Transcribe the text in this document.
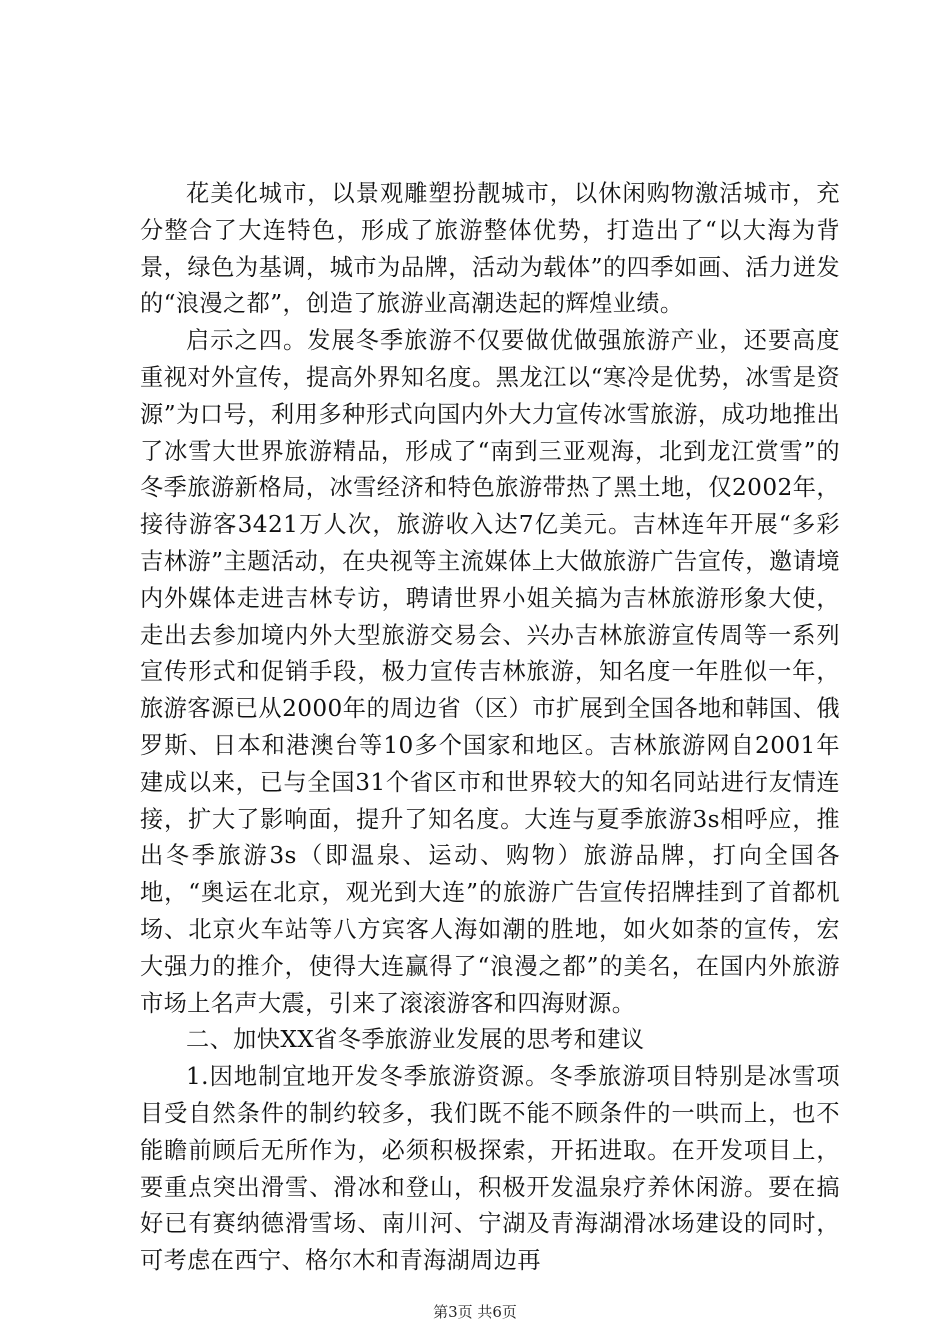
花美化城市，以景观雕塑扮靓城市，以休闲购物激活城市，充分整合了大连特色，形成了旅游整体优势，打造出了“以大海为背景，绿色为基调，城市为品牌，活动为载体”的四季如画、活力迸发的“浪漫之都”，创造了旅游业高潮迭起的辉煌业绩。

启示之四。发展冬季旅游不仅要做优做强旅游产业，还要高度重视对外宣传，提高外界知名度。黑龙江以“寒冷是优势，冰雪是资源”为口号，利用多种形式向国内外大力宣传冰雪旅游，成功地推出了冰雪大世界旅游精品，形成了“南到三亚观海，北到龙江赏雪”的冬季旅游新格局，冰雪经济和特色旅游带热了黑土地，仅2002年，接待游客3421万人次，旅游收入达7亿美元。吉林连年开展“多彩吉林游”主题活动，在央视等主流媒体上大做旅游广告宣传，邀请境内外媒体走进吉林专访，聘请世界小姐关搞为吉林旅游形象大使，走出去参加境内外大型旅游交易会、兴办吉林旅游宣传周等一系列宣传形式和促销手段，极力宣传吉林旅游，知名度一年胜似一年，旅游客源已从2000年的周边省（区）市扩展到全国各地和韩国、俄罗斯、日本和港澳台等10多个国家和地区。吉林旅游网自2001年建成以来，已与全国31个省区市和世界较大的知名同站进行友情连接，扩大了影响面，提升了知名度。大连与夏季旅游3s相呼应，推出冬季旅游3s（即温泉、运动、购物）旅游品牌，打向全国各地，“奥运在北京，观光到大连”的旅游广告宣传招牌挂到了首都机场、北京火车站等八方宾客人海如潮的胜地，如火如荼的宣传，宏大强力的推介，使得大连赢得了“浪漫之都”的美名，在国内外旅游市场上名声大震，引来了滚滚游客和四海财源。

二、加快XX省冬季旅游业发展的思考和建议

1.因地制宜地开发冬季旅游资源。冬季旅游项目特别是冰雪项目受自然条件的制约较多，我们既不能不顾条件的一哄而上，也不能瞻前顾后无所作为，必须积极探索，开拓进取。在开发项目上，要重点突出滑雪、滑冰和登山，积极开发温泉疗养休闲游。要在搞好已有赛纳德滑雪场、南川河、宁湖及青海湖滑冰场建设的同时，可考虑在西宁、格尔木和青海湖周边再

第3页 共6页
